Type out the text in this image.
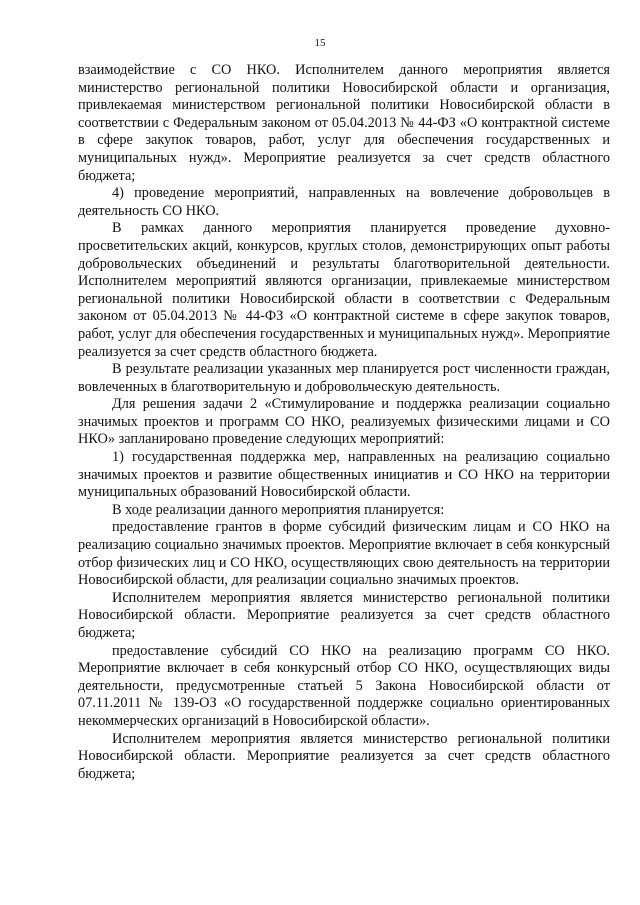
15

взаимодействие с СО НКО. Исполнителем данного мероприятия является министерство региональной политики Новосибирской области и организация, привлекаемая министерством региональной политики Новосибирской области в соответствии с Федеральным законом от 05.04.2013 № 44-ФЗ «О контрактной системе в сфере закупок товаров, работ, услуг для обеспечения государственных и муниципальных нужд». Мероприятие реализуется за счет средств областного бюджета;

4) проведение мероприятий, направленных на вовлечение добровольцев в деятельность СО НКО.

В рамках данного мероприятия планируется проведение духовно-просветительских акций, конкурсов, круглых столов, демонстрирующих опыт работы добровольческих объединений и результаты благотворительной деятельности. Исполнителем мероприятий являются организации, привлекаемые министерством региональной политики Новосибирской области в соответствии с Федеральным законом от 05.04.2013 № 44-ФЗ «О контрактной системе в сфере закупок товаров, работ, услуг для обеспечения государственных и муниципальных нужд». Мероприятие реализуется за счет средств областного бюджета.

В результате реализации указанных мер планируется рост численности граждан, вовлеченных в благотворительную и добровольческую деятельность.

Для решения задачи 2 «Стимулирование и поддержка реализации социально значимых проектов и программ СО НКО, реализуемых физическими лицами и СО НКО» запланировано проведение следующих мероприятий:

1) государственная поддержка мер, направленных на реализацию социально значимых проектов и развитие общественных инициатив и СО НКО на территории муниципальных образований Новосибирской области.

В ходе реализации данного мероприятия планируется:

предоставление грантов в форме субсидий физическим лицам и СО НКО на реализацию социально значимых проектов. Мероприятие включает в себя конкурсный отбор физических лиц и СО НКО, осуществляющих свою деятельность на территории Новосибирской области, для реализации социально значимых проектов.

Исполнителем мероприятия является министерство региональной политики Новосибирской области. Мероприятие реализуется за счет средств областного бюджета;

предоставление субсидий СО НКО на реализацию программ СО НКО. Мероприятие включает в себя конкурсный отбор СО НКО, осуществляющих виды деятельности, предусмотренные статьей 5 Закона Новосибирской области от 07.11.2011 № 139-ОЗ «О государственной поддержке социально ориентированных некоммерческих организаций в Новосибирской области».

Исполнителем мероприятия является министерство региональной политики Новосибирской области. Мероприятие реализуется за счет средств областного бюджета;
